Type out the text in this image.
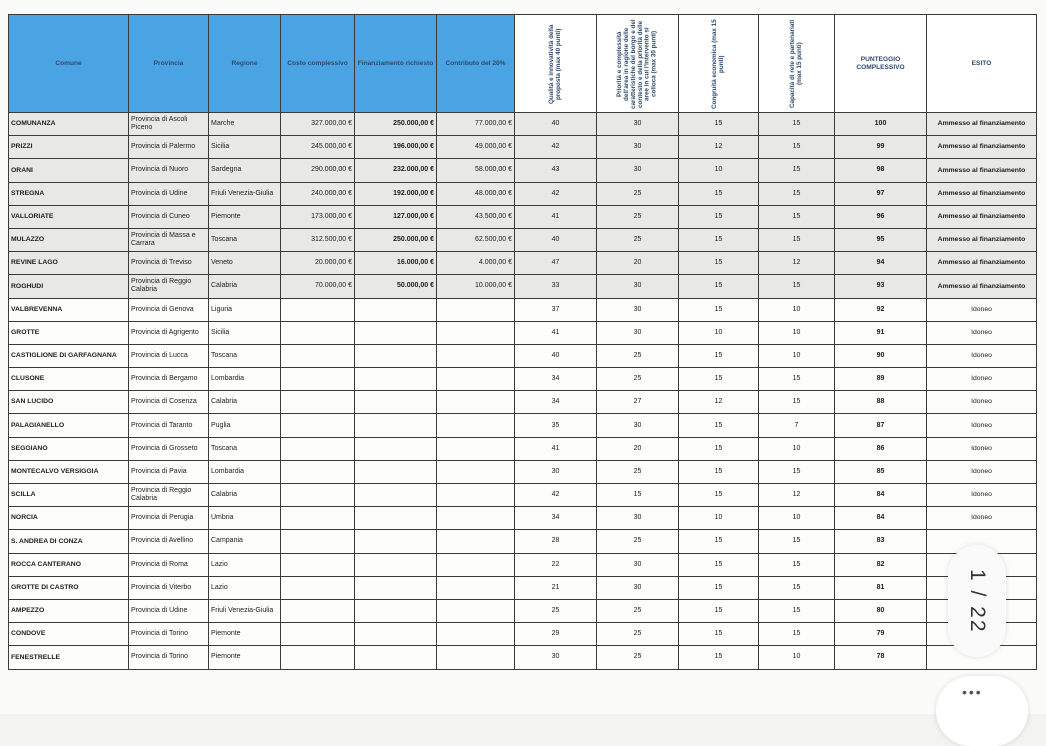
Comune	Provincia	Regione	Costo complessivo	Finanziamento richiesto	Contributo del 20%	Qualità e innovatività della proposta (max 40 punti)	Priorità e complessità dell'area in ragione delle caratteristiche del borgo e del contesto e della priorità delle aree in cui l'intervento si colloca (max 30 punti)	Congruità economica (max 15 punti)	Capacità di rete e partenariati (max 15 punti)	PUNTEGGIO COMPLESSIVO	ESITO
COMUNANZA	Provincia di Ascoli Piceno	Marche	327.000,00 €	250.000,00 €	77.000,00 €	40	30	15	15	100	Ammesso al finanziamento
PRIZZI	Provincia di Palermo	Sicilia	245.000,00 €	196.000,00 €	49.000,00 €	42	30	12	15	99	Ammesso al finanziamento
ORANI	Provincia di Nuoro	Sardegna	290.000,00 €	232.000,00 €	58.000,00 €	43	30	10	15	98	Ammesso al finanziamento
STREGNA	Provincia di Udine	Friuli Venezia-Giulia	240.000,00 €	192.000,00 €	48.000,00 €	42	25	15	15	97	Ammesso al finanziamento
VALLORIATE	Provincia di Cuneo	Piemonte	173.000,00 €	127.000,00 €	43.500,00 €	41	25	15	15	96	Ammesso al finanziamento
MULAZZO	Provincia di Massa e Carrara	Toscana	312.500,00 €	250.000,00 €	62.500,00 €	40	25	15	15	95	Ammesso al finanziamento
REVINE LAGO	Provincia di Treviso	Veneto	20.000,00 €	16.000,00 €	4.000,00 €	47	20	15	12	94	Ammesso al finanziamento
ROGHUDI	Provincia di Reggio Calabria	Calabria	70.000,00 €	50.000,00 €	10.000,00 €	33	30	15	15	93	Ammesso al finanziamento
VALBREVENNA	Provincia di Genova	Liguria				37	30	15	10	92	Idoneo
GROTTE	Provincia di Agrigento	Sicilia				41	30	10	10	91	Idoneo
CASTIGLIONE DI GARFAGNANA	Provincia di Lucca	Toscana				40	25	15	10	90	Idoneo
CLUSONE	Provincia di Bergamo	Lombardia				34	25	15	15	89	Idoneo
SAN LUCIDO	Provincia di Cosenza	Calabria				34	27	12	15	88	Idoneo
PALAGIANELLO	Provincia di Taranto	Puglia				35	30	15	7	87	Idoneo
SEGGIANO	Provincia di Grosseto	Toscana				41	20	15	10	86	Idoneo
MONTECALVO VERSIGGIA	Provincia di Pavia	Lombardia				30	25	15	15	85	Idoneo
SCILLA	Provincia di Reggio Calabria	Calabria				42	15	15	12	84	Idoneo
NORCIA	Provincia di Perugia	Umbria				34	30	10	10	84	Idoneo
S. ANDREA DI CONZA	Provincia di Avellino	Campania				28	25	15	15	83	
ROCCA CANTERANO	Provincia di Roma	Lazio				22	30	15	15	82	
GROTTE DI CASTRO	Provincia di Viterbo	Lazio				21	30	15	15	81	
AMPEZZO	Provincia di Udine	Friuli Venezia-Giulia				25	25	15	15	80	
CONDOVE	Provincia di Torino	Piemonte				29	25	15	15	79	
FENESTRELLE	Provincia di Torino	Piemonte				30	25	15	10	78	
1 / 22
•••
